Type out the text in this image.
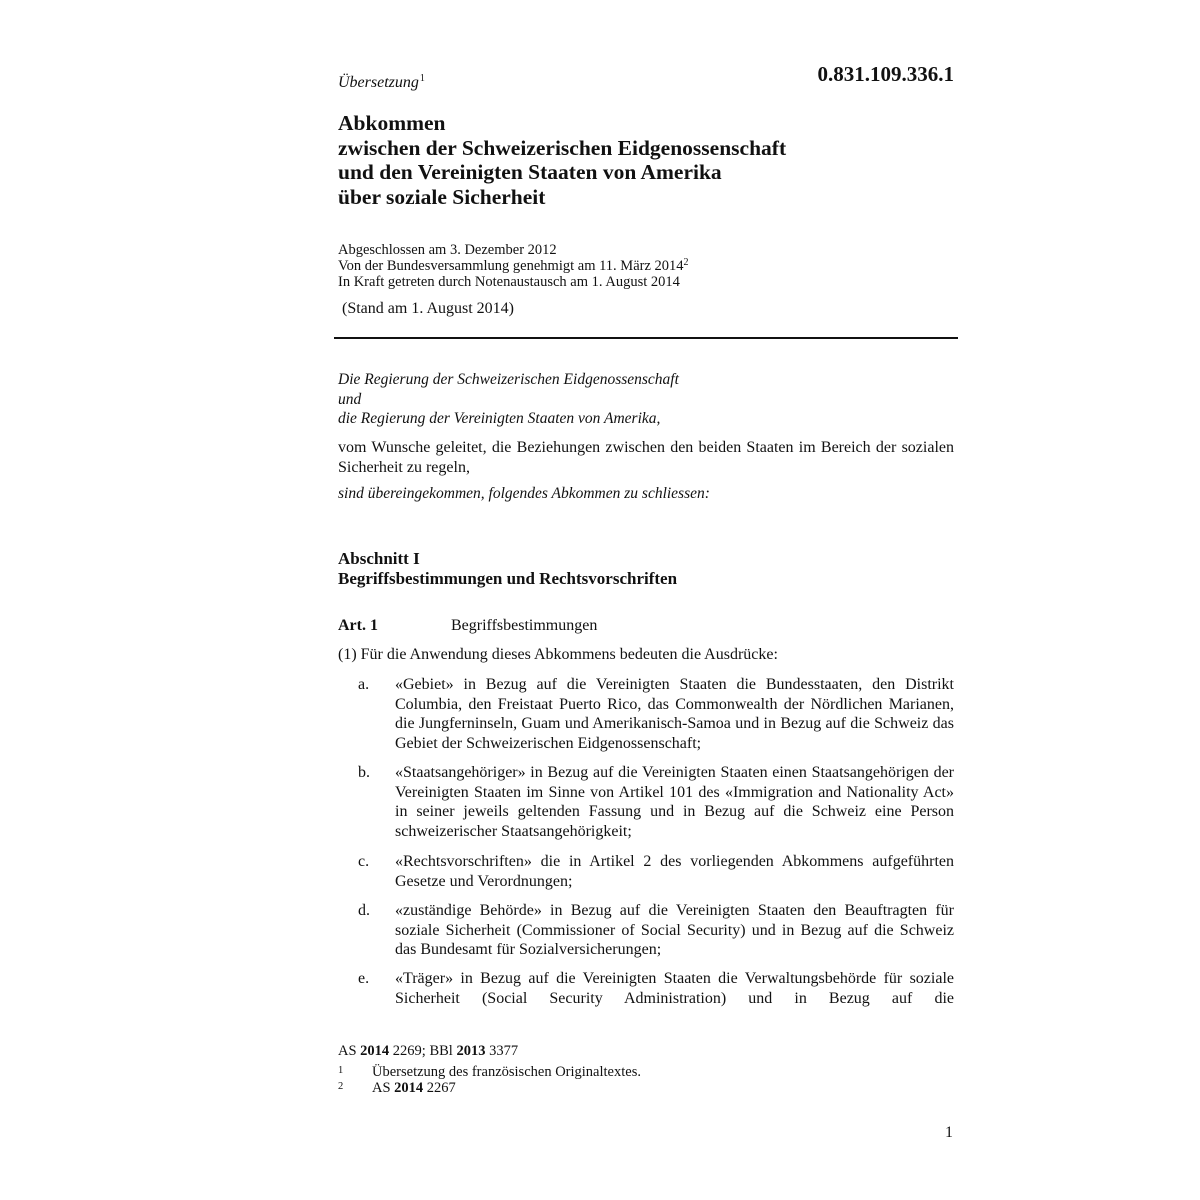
Übersetzung$^1$	0.831.109.336.1

Abkommen
zwischen der Schweizerischen Eidgenossenschaft
und den Vereinigten Staaten von Amerika
über soziale Sicherheit
Abgeschlossen am 3. Dezember 2012
Von der Bundesversammlung genehmigt am 11. März 2014$^2$
In Kraft getreten durch Notenaustausch am 1. August 2014

(Stand am 1. August 2014)

Die Regierung der Schweizerischen Eidgenossenschaft
und
die Regierung der Vereinigten Staaten von Amerika,

vom Wunsche geleitet, die Beziehungen zwischen den beiden Staaten im Bereich der sozialen Sicherheit zu regeln,

sind übereingekommen, folgendes Abkommen zu schliessen:

Abschnitt I
Begriffsbestimmungen und Rechtsvorschriften

Art. 1	Begriffsbestimmungen

(1) Für die Anwendung dieses Abkommens bedeuten die Ausdrücke:

a. «Gebiet» in Bezug auf die Vereinigten Staaten die Bundesstaaten, den Distrikt Columbia, den Freistaat Puerto Rico, das Commonwealth der Nördlichen Marianen, die Jungferninseln, Guam und Amerikanisch-Samoa und in Bezug auf die Schweiz das Gebiet der Schweizerischen Eidgenossenschaft;
b. «Staatsangehöriger» in Bezug auf die Vereinigten Staaten einen Staatsangehörigen der Vereinigten Staaten im Sinne von Artikel 101 des «Immigration and Nationality Act» in seiner jeweils geltenden Fassung und in Bezug auf die Schweiz eine Person schweizerischer Staatsangehörigkeit;
c. «Rechtsvorschriften» die in Artikel 2 des vorliegenden Abkommens aufgeführten Gesetze und Verordnungen;
d. «zuständige Behörde» in Bezug auf die Vereinigten Staaten den Beauftragten für soziale Sicherheit (Commissioner of Social Security) und in Bezug auf die Schweiz das Bundesamt für Sozialversicherungen;
e. «Träger» in Bezug auf die Vereinigten Staaten die Verwaltungsbehörde für soziale Sicherheit (Social Security Administration) und in Bezug auf die

AS 2014 2269; BBl 2013 3377

1 Übersetzung des französischen Originaltextes.
2 AS 2014 2267

1
